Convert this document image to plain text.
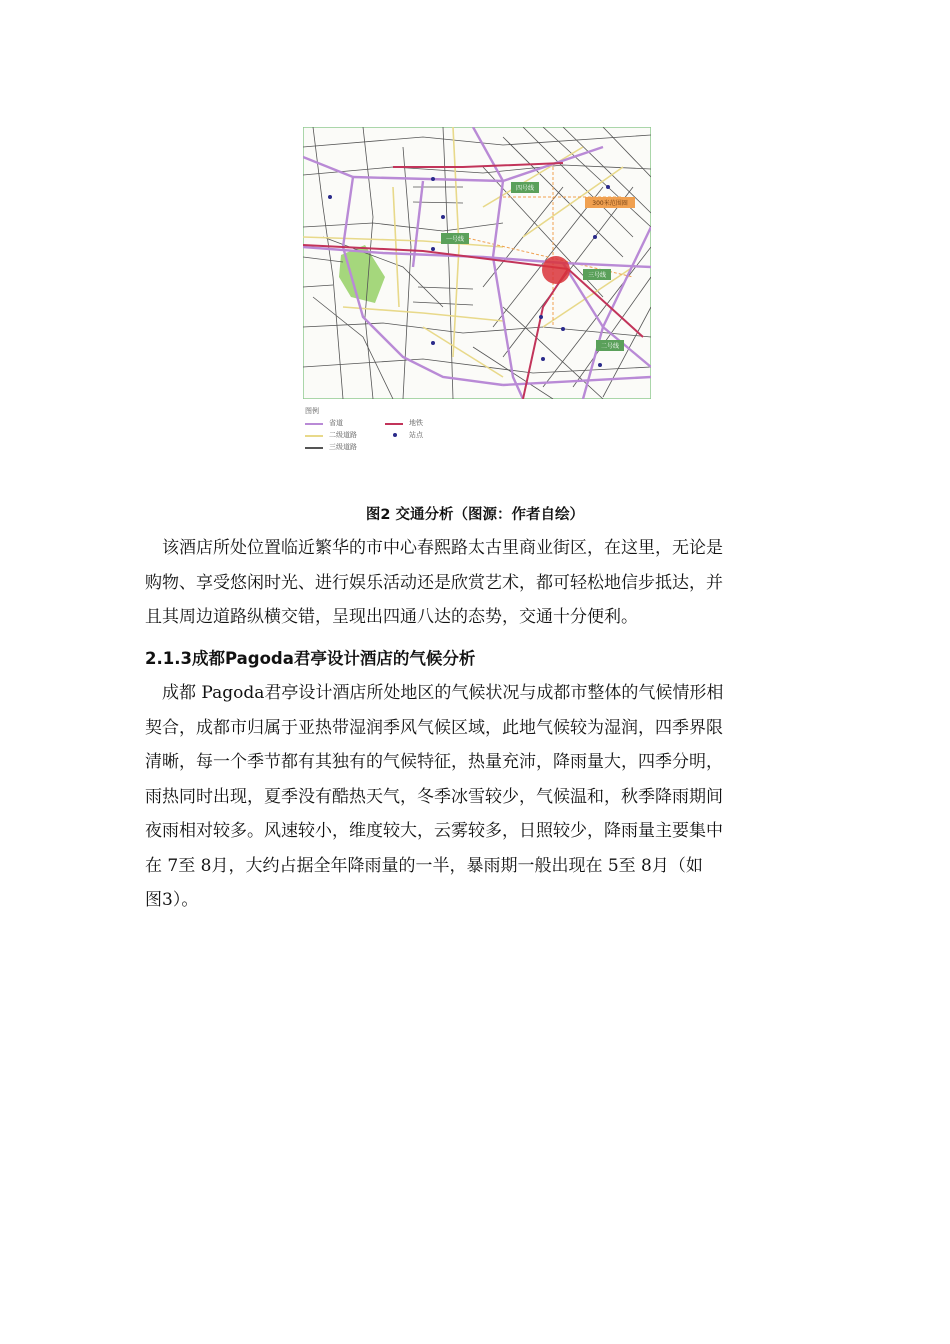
四号线
一号线
三号线
二号线
300米范围圈
图例
省道
二级道路
三级道路
地铁
站点
图2 交通分析（图源：作者自绘）

　该酒店所处位置临近繁华的市中心春熙路太古里商业街区，在这里，无论是
购物、享受悠闲时光、进行娱乐活动还是欣赏艺术，都可轻松地信步抵达，并
且其周边道路纵横交错，呈现出四通八达的态势，交通十分便利。

2.1.3成都Pagoda君亭设计酒店的气候分析

　成都 Pagoda君亭设计酒店所处地区的气候状况与成都市整体的气候情形相
契合，成都市归属于亚热带湿润季风气候区域，此地气候较为湿润，四季界限
清晰，每一个季节都有其独有的气候特征，热量充沛，降雨量大，四季分明，
雨热同时出现，夏季没有酷热天气，冬季冰雪较少，气候温和，秋季降雨期间
夜雨相对较多。风速较小，维度较大，云雾较多，日照较少，降雨量主要集中
在 7至 8月，大约占据全年降雨量的一半，暴雨期一般出现在 5至 8月（如
图3）。
